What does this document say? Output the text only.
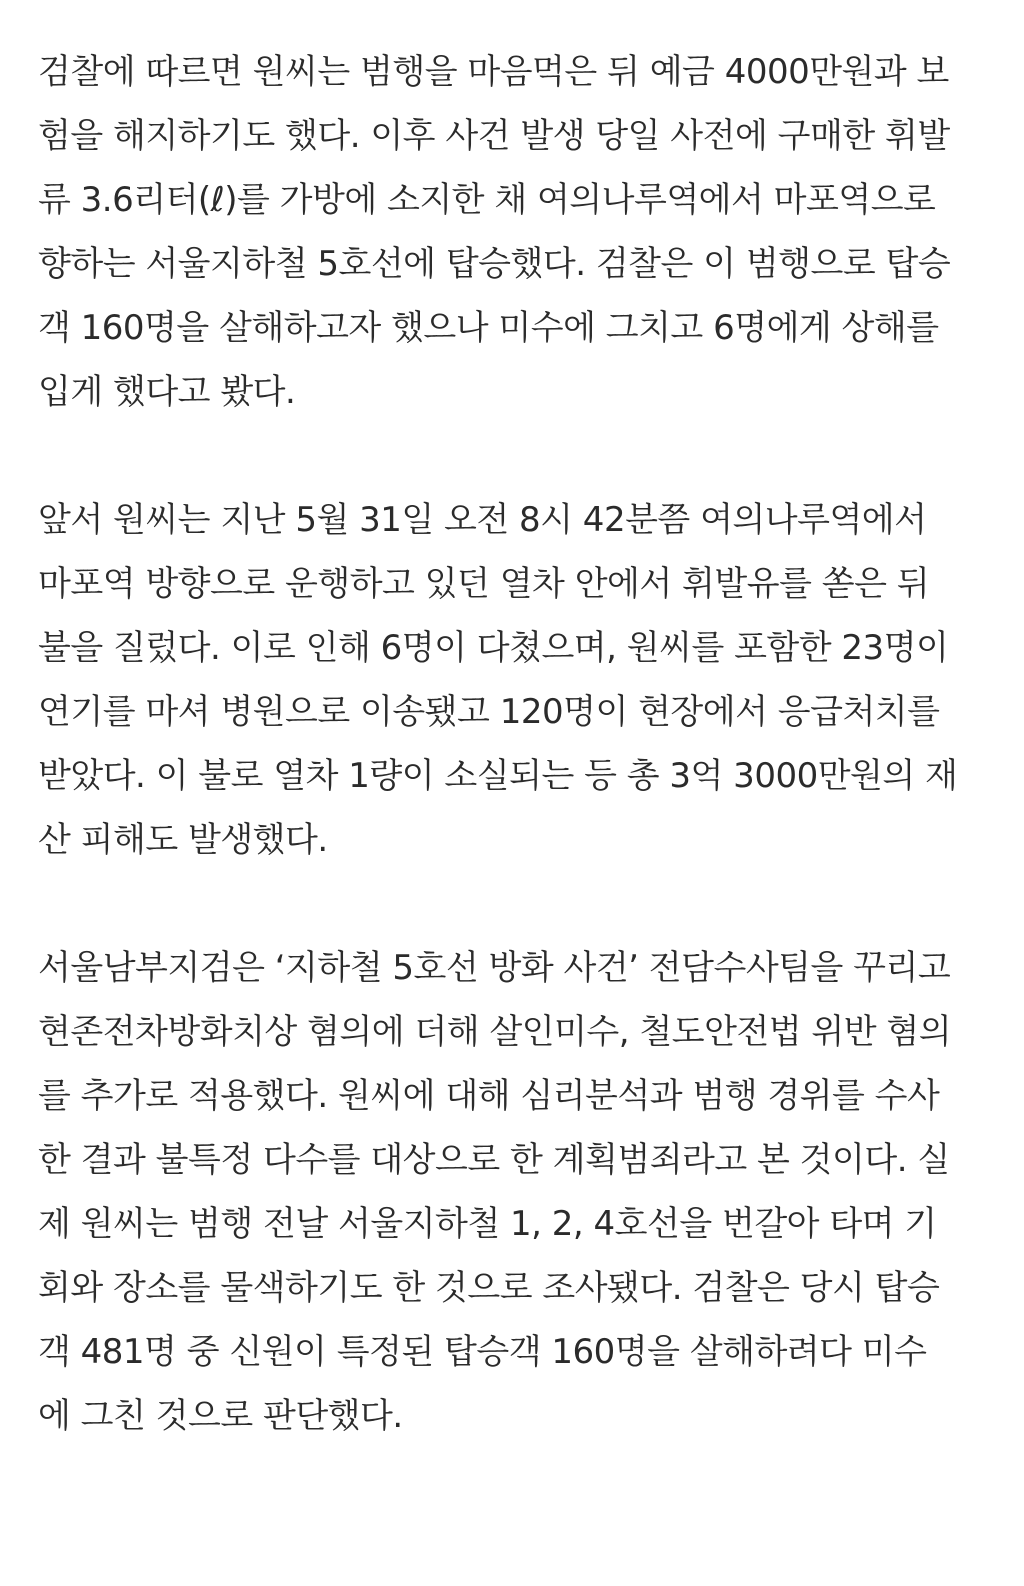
검찰에 따르면 원씨는 범행을 마음먹은 뒤 예금 4000만원과 보
험을 해지하기도 했다. 이후 사건 발생 당일 사전에 구매한 휘발
류 3.6리터(ℓ)를 가방에 소지한 채 여의나루역에서 마포역으로
향하는 서울지하철 5호선에 탑승했다. 검찰은 이 범행으로 탑승
객 160명을 살해하고자 했으나 미수에 그치고 6명에게 상해를
입게 했다고 봤다.

앞서 원씨는 지난 5월 31일 오전 8시 42분쯤 여의나루역에서
마포역 방향으로 운행하고 있던 열차 안에서 휘발유를 쏟은 뒤
불을 질렀다. 이로 인해 6명이 다쳤으며, 원씨를 포함한 23명이
연기를 마셔 병원으로 이송됐고 120명이 현장에서 응급처치를
받았다. 이 불로 열차 1량이 소실되는 등 총 3억 3000만원의 재
산 피해도 발생했다.

서울남부지검은 ‘지하철 5호선 방화 사건’ 전담수사팀을 꾸리고
현존전차방화치상 혐의에 더해 살인미수, 철도안전법 위반 혐의
를 추가로 적용했다. 원씨에 대해 심리분석과 범행 경위를 수사
한 결과 불특정 다수를 대상으로 한 계획범죄라고 본 것이다. 실
제 원씨는 범행 전날 서울지하철 1, 2, 4호선을 번갈아 타며 기
회와 장소를 물색하기도 한 것으로 조사됐다. 검찰은 당시 탑승
객 481명 중 신원이 특정된 탑승객 160명을 살해하려다 미수
에 그친 것으로 판단했다.
